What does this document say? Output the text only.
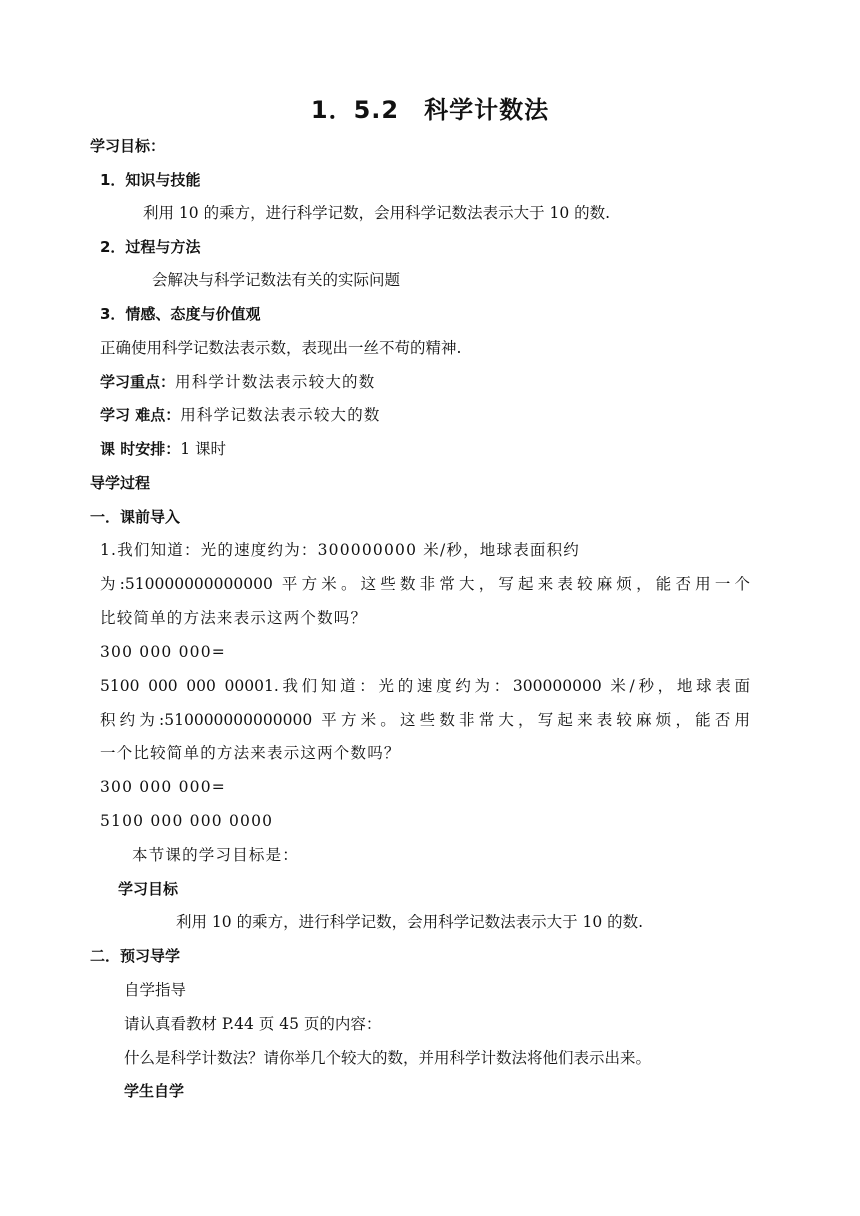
1．5.2　科学计数法
学习目标：
1．知识与技能
利用 10 的乘方，进行科学记数，会用科学记数法表示大于 10 的数.
2．过程与方法
会解决与科学记数法有关的实际问题
3．情感、态度与价值观
正确使用科学记数法表示数，表现出一丝不苟的精神.
学习重点：用科学计数法表示较大的数
学习 难点：用科学记数法表示较大的数
课 时安排：1 课时
导学过程
一．课前导入
1.我们知道：光的速度约为：300000000 米/秒，地球表面积约
为:510000000000000 平方米。这些数非常大，写起来表较麻烦，能否用一个
比较简单的方法来表示这两个数吗？
300 000 000=
5100 000 000 00001.我们知道：光的速度约为：300000000 米/秒，地球表面
积约为:510000000000000 平方米。这些数非常大，写起来表较麻烦，能否用
一个比较简单的方法来表示这两个数吗？
300 000 000=
5100 000 000 0000
本节课的学习目标是：
学习目标
利用 10 的乘方，进行科学记数，会用科学记数法表示大于 10 的数.
二．预习导学
自学指导
请认真看教材 P.44 页 45 页的内容：
什么是科学计数法？请你举几个较大的数，并用科学计数法将他们表示出来。
学生自学
